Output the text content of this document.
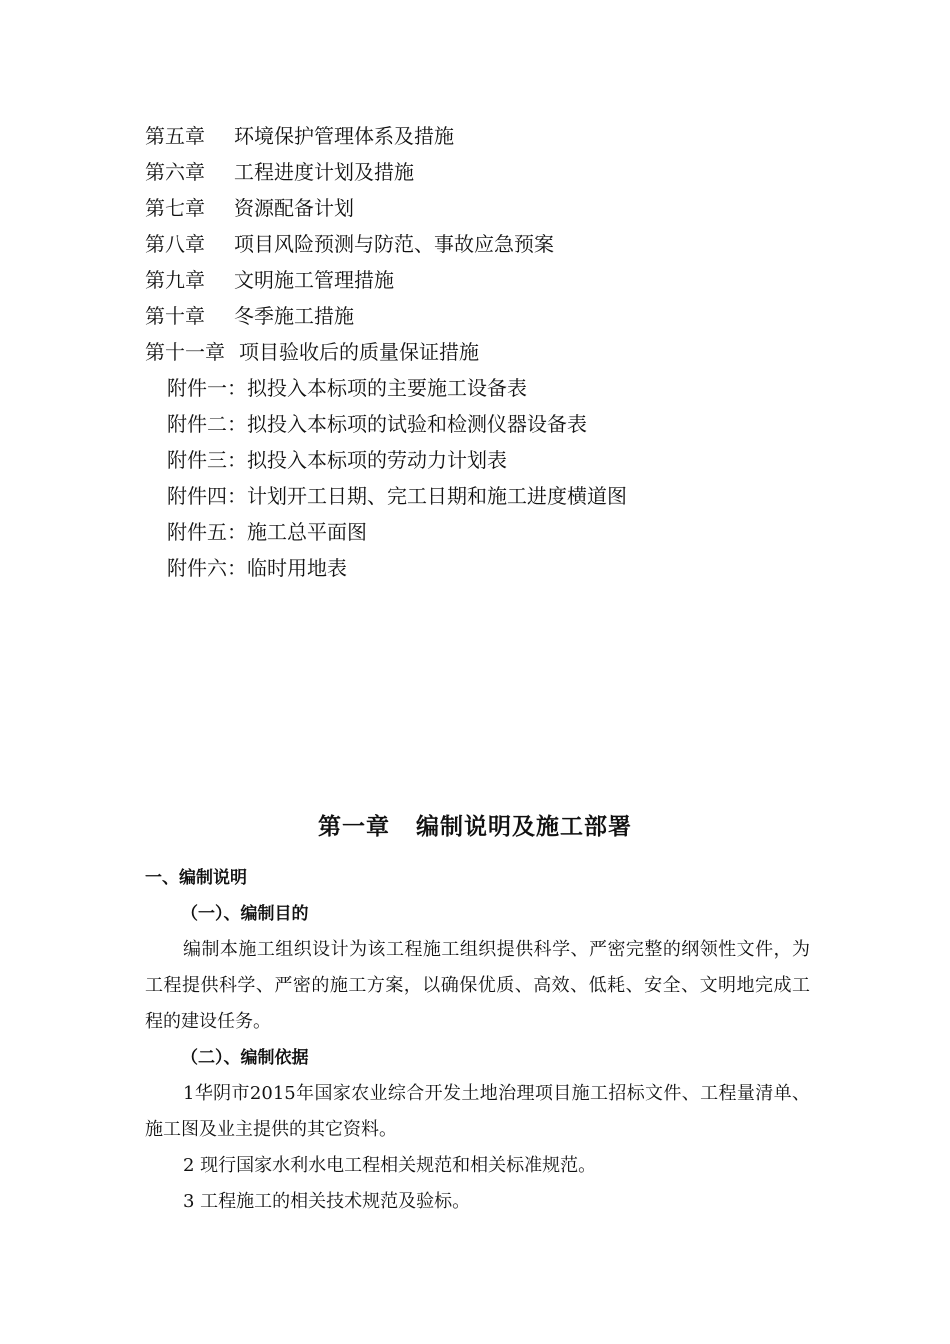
第五章 环境保护管理体系及措施
第六章 工程进度计划及措施
第七章 资源配备计划
第八章 项目风险预测与防范、事故应急预案
第九章 文明施工管理措施
第十章 冬季施工措施
第十一章 项目验收后的质量保证措施
附件一：拟投入本标项的主要施工设备表
附件二：拟投入本标项的试验和检测仪器设备表
附件三：拟投入本标项的劳动力计划表
附件四：计划开工日期、完工日期和施工进度横道图
附件五：施工总平面图
附件六：临时用地表
第一章 编制说明及施工部署
一、编制说明
（一）、编制目的
编制本施工组织设计为该工程施工组织提供科学、严密完整的纲领性文件，为工程提供科学、严密的施工方案，以确保优质、高效、低耗、安全、文明地完成工程的建设任务。
（二）、编制依据
1华阴市2015年国家农业综合开发土地治理项目施工招标文件、工程量清单、施工图及业主提供的其它资料。
2 现行国家水利水电工程相关规范和相关标准规范。
3 工程施工的相关技术规范及验标。
